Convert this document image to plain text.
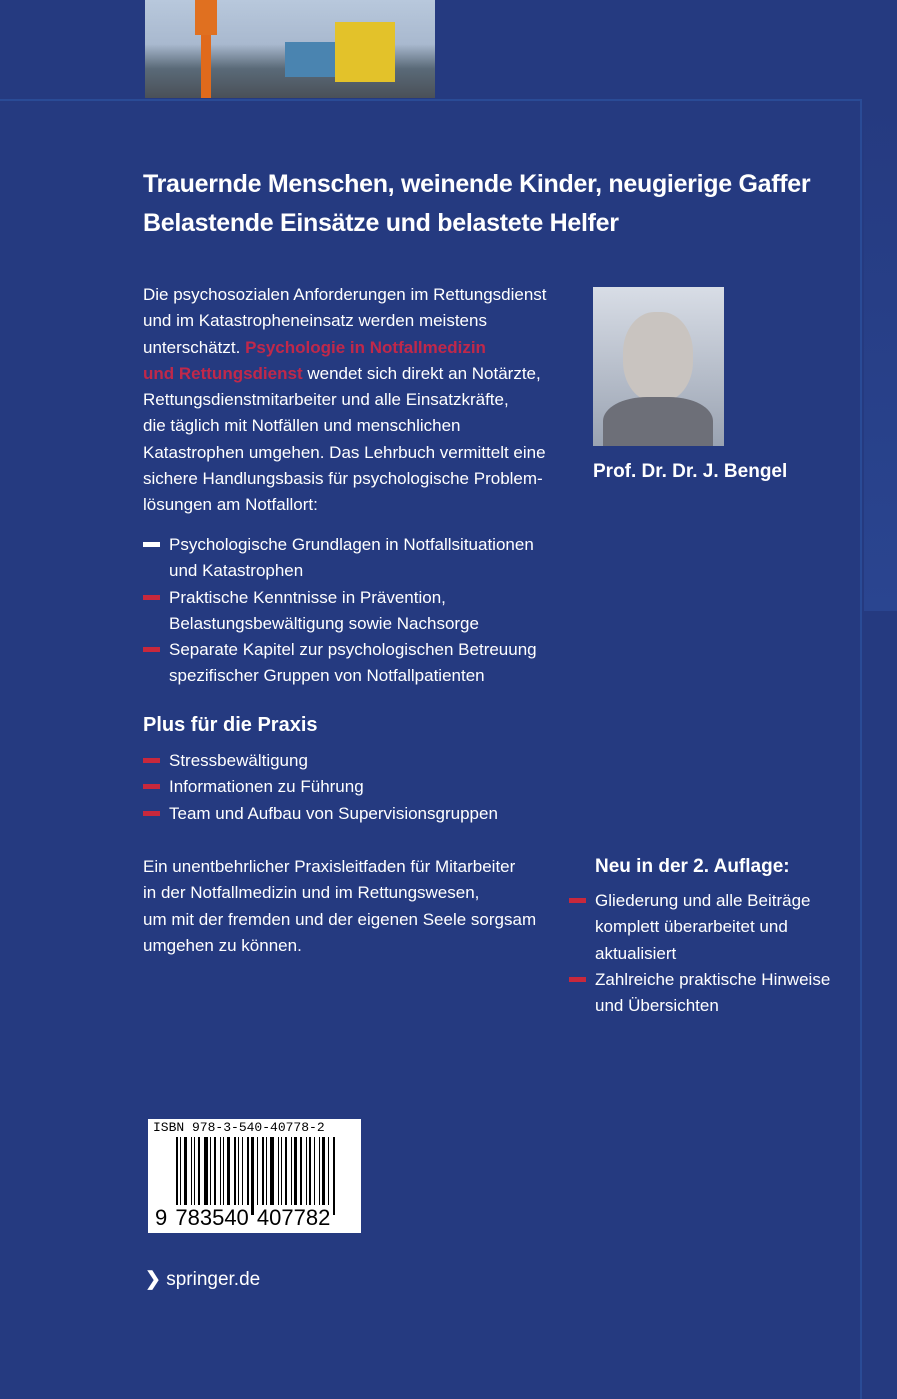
Trauernde Menschen, weinende Kinder, neugierige Gaffer
Belastende Einsätze und belastete Helfer
Die psychosozialen Anforderungen im Rettungsdienst
und im Katastropheneinsatz werden meistens
unterschätzt. Psychologie in Notfallmedizin
und Rettungsdienst wendet sich direkt an Notärzte,
Rettungsdienstmitarbeiter und alle Einsatzkräfte,
die täglich mit Notfällen und menschlichen
Katastrophen umgehen. Das Lehrbuch vermittelt eine
sichere Handlungsbasis für psychologische Problem-
lösungen am Notfallort:
Psychologische Grundlagen in Notfallsituationen
und Katastrophen
Praktische Kenntnisse in Prävention,
Belastungsbewältigung sowie Nachsorge
Separate Kapitel zur psychologischen Betreuung
spezifischer Gruppen von Notfallpatienten
Plus für die Praxis
Stressbewältigung
Informationen zu Führung
Team und Aufbau von Supervisionsgruppen
Ein unentbehrlicher Praxisleitfaden für Mitarbeiter
in der Notfallmedizin und im Rettungswesen,
um mit der fremden und der eigenen Seele sorgsam
umgehen zu können.
Prof. Dr. Dr. J. Bengel
Neu in der 2. Auflage:
Gliederung und alle Beiträge
komplett überarbeitet und
aktualisiert
Zahlreiche praktische Hinweise
und Übersichten
ISBN 978-3-540-40778-2
9 783540 407782
❯ springer.de
